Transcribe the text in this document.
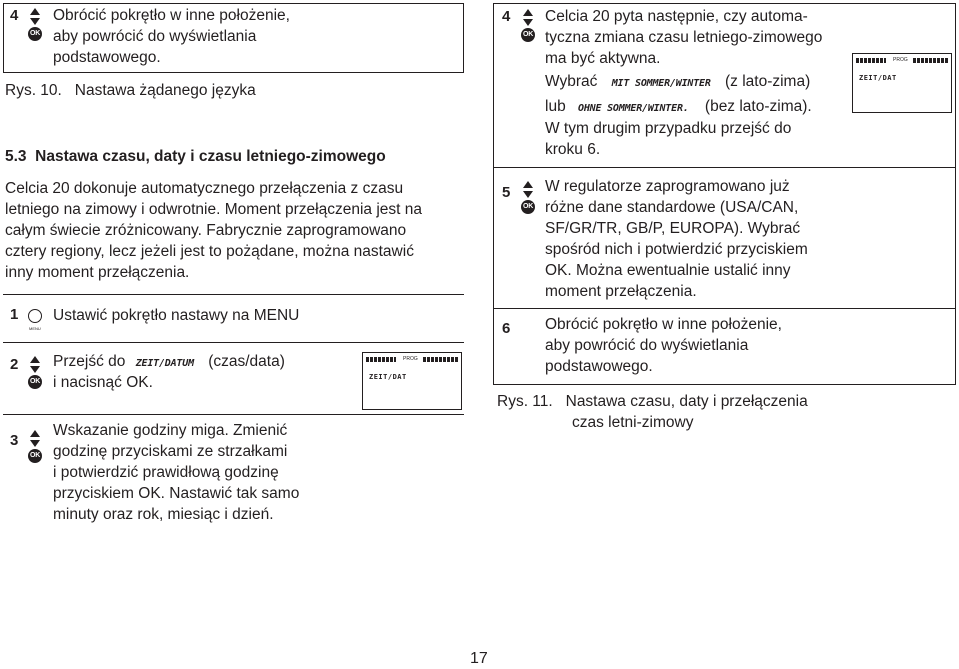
4
OK
Obrócić pokrętło w inne położenie,
aby powrócić do wyświetlania
podstawowego.
Rys. 10.   Nastawa żądanego języka
5.3  Nastawa czasu, daty i czasu letniego-zimowego
Celcia 20 dokonuje automatycznego przełączenia z czasu
letniego na zimowy i odwrotnie. Moment przełączenia jest na
całym świecie zróżnicowany. Fabrycznie zaprogramowano
cztery regiony, lecz jeżeli jest to pożądane, można nastawić
inny moment przełączenia.
1
MENU
Ustawić pokrętło nastawy na MENU
2
OK
Przejść do ZEIT/DATUM (czas/data)
i nacisnąć OK.
PROG
ZEIT/DAT
3
OK
Wskazanie godziny miga. Zmienić
godzinę przyciskami ze strzałkami
i potwierdzić prawidłową godzinę
przyciskiem OK. Nastawić tak samo
minuty oraz rok, miesiąc i dzień.
4
OK
Celcia 20 pyta następnie, czy automa-
tyczna zmiana czasu letniego-zimowego
ma być aktywna.
Wybrać MIT SOMMER/WINTER (z lato-zima)
lub OHNE SOMMER/WINTER. (bez lato-zima).
W tym drugim przypadku przejść do
kroku 6.
PROG
ZEIT/DAT
5
OK
W regulatorze zaprogramowano już
różne dane standardowe (USA/CAN,
SF/GR/TR, GB/P, EUROPA). Wybrać
spośród nich i potwierdzić przyciskiem
OK. Można ewentualnie ustalić inny
moment przełączenia.
6 Obrócić pokrętło w inne położenie,
aby powrócić do wyświetlania
podstawowego.
Rys. 11.   Nastawa czasu, daty i przełączenia
czas letni-zimowy
17
